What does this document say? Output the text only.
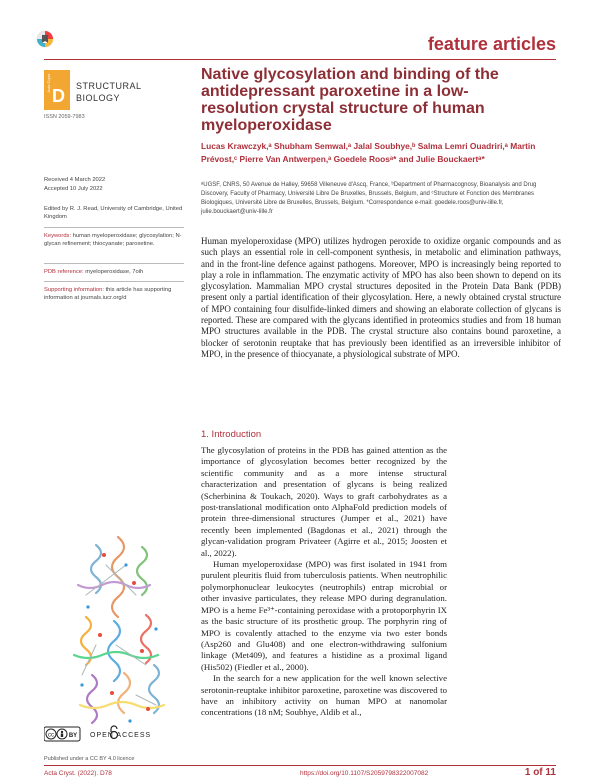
feature articles
Acta Cryst.
D STRUCTURAL
BIOLOGY
ISSN 2059-7983
Native glycosylation and binding of the antidepressant paroxetine in a low-resolution crystal structure of human myeloperoxidase
Lucas Krawczyk,ᵃ Shubham Semwal,ᵃ Jalal Soubhye,ᵇ Salma Lemri Ouadriri,ᵃ Martin Prévost,ᶜ Pierre Van Antwerpen,ᵃ Goedele Roosᵃ* and Julie Bouckaertᵃ*
ᵃUGSF, CNRS, 50 Avenue de Halley, 59658 Villeneuve d'Ascq, France, ᵇDepartment of Pharmacognosy, Bioanalysis and Drug Discovery, Faculty of Pharmacy, Université Libre De Bruxelles, Brussels, Belgium, and ᶜStructure et Fonction des Membranes Biologiques, Université Libre de Bruxelles, Brussels, Belgium. *Correspondence e-mail: goedele.roos@univ-lille.fr, julie.bouckaert@univ-lille.fr
Received 4 March 2022
Accepted 10 July 2022
Edited by R. J. Read, University of Cambridge, United Kingdom
Keywords: human myeloperoxidase; glycosylation; N-glycan refinement; thiocyanate; paroxetine.
PDB reference: myeloperoxidase, 7oih
Supporting information: this article has supporting information at journals.iucr.org/d
Human myeloperoxidase (MPO) utilizes hydrogen peroxide to oxidize organic compounds and as such plays an essential role in cell-component synthesis, in metabolic and elimination pathways, and in the front-line defence against pathogens. Moreover, MPO is increasingly being reported to play a role in inflammation. The enzymatic activity of MPO has also been shown to depend on its glycosylation. Mammalian MPO crystal structures deposited in the Protein Data Bank (PDB) present only a partial identification of their glycosylation. Here, a newly obtained crystal structure of MPO containing four disulfide-linked dimers and showing an elaborate collection of glycans is reported. These are compared with the glycans identified in proteomics studies and from 18 human MPO structures available in the PDB. The crystal structure also contains bound paroxetine, a blocker of serotonin reuptake that has previously been identified as an irreversible inhibitor of MPO, in the presence of thiocyanate, a physiological substrate of MPO.
1. Introduction

The glycosylation of proteins in the PDB has gained attention as the importance of glycosylation becomes better recognized by the scientific community and as a more intense structural characterization and presentation of glycans is being realized (Scherbinina & Toukach, 2020). Ways to graft carbohydrates as a post-translational modification onto AlphaFold prediction models of protein three-dimensional structures (Jumper et al., 2021) have recently been implemented (Bagdonas et al., 2021) through the glycan-validation program Privateer (Agirre et al., 2015; Joosten et al., 2022).

Human myeloperoxidase (MPO) was first isolated in 1941 from purulent pleuritis fluid from tuberculosis patients. When neutrophilic polymorphonuclear leukocytes (neutrophils) entrap microbial or other invasive particulates, they release MPO during degranulation. MPO is a heme Fe³⁺-containing peroxidase with a protoporphyrin IX as the basic structure of its prosthetic group. The porphyrin ring of MPO is covalently attached to the enzyme via two ester bonds (Asp260 and Glu408) and one electron-withdrawing sulfonium linkage (Met409), and features a histidine as a proximal ligand (His502) (Fiedler et al., 2000).

In the search for a new application for the well known selective serotonin-reuptake inhibitor paroxetine, paroxetine was discovered to have an inhibitory activity on human MPO at nanomolar concentrations (18 nM; Soubhye, Aldib et al.,

cc BY OPEN ACCESS
Published under a CC BY 4.0 licence
Acta Cryst. (2022). D78	https://doi.org/10.1107/S2059798322007082	1 of 11
